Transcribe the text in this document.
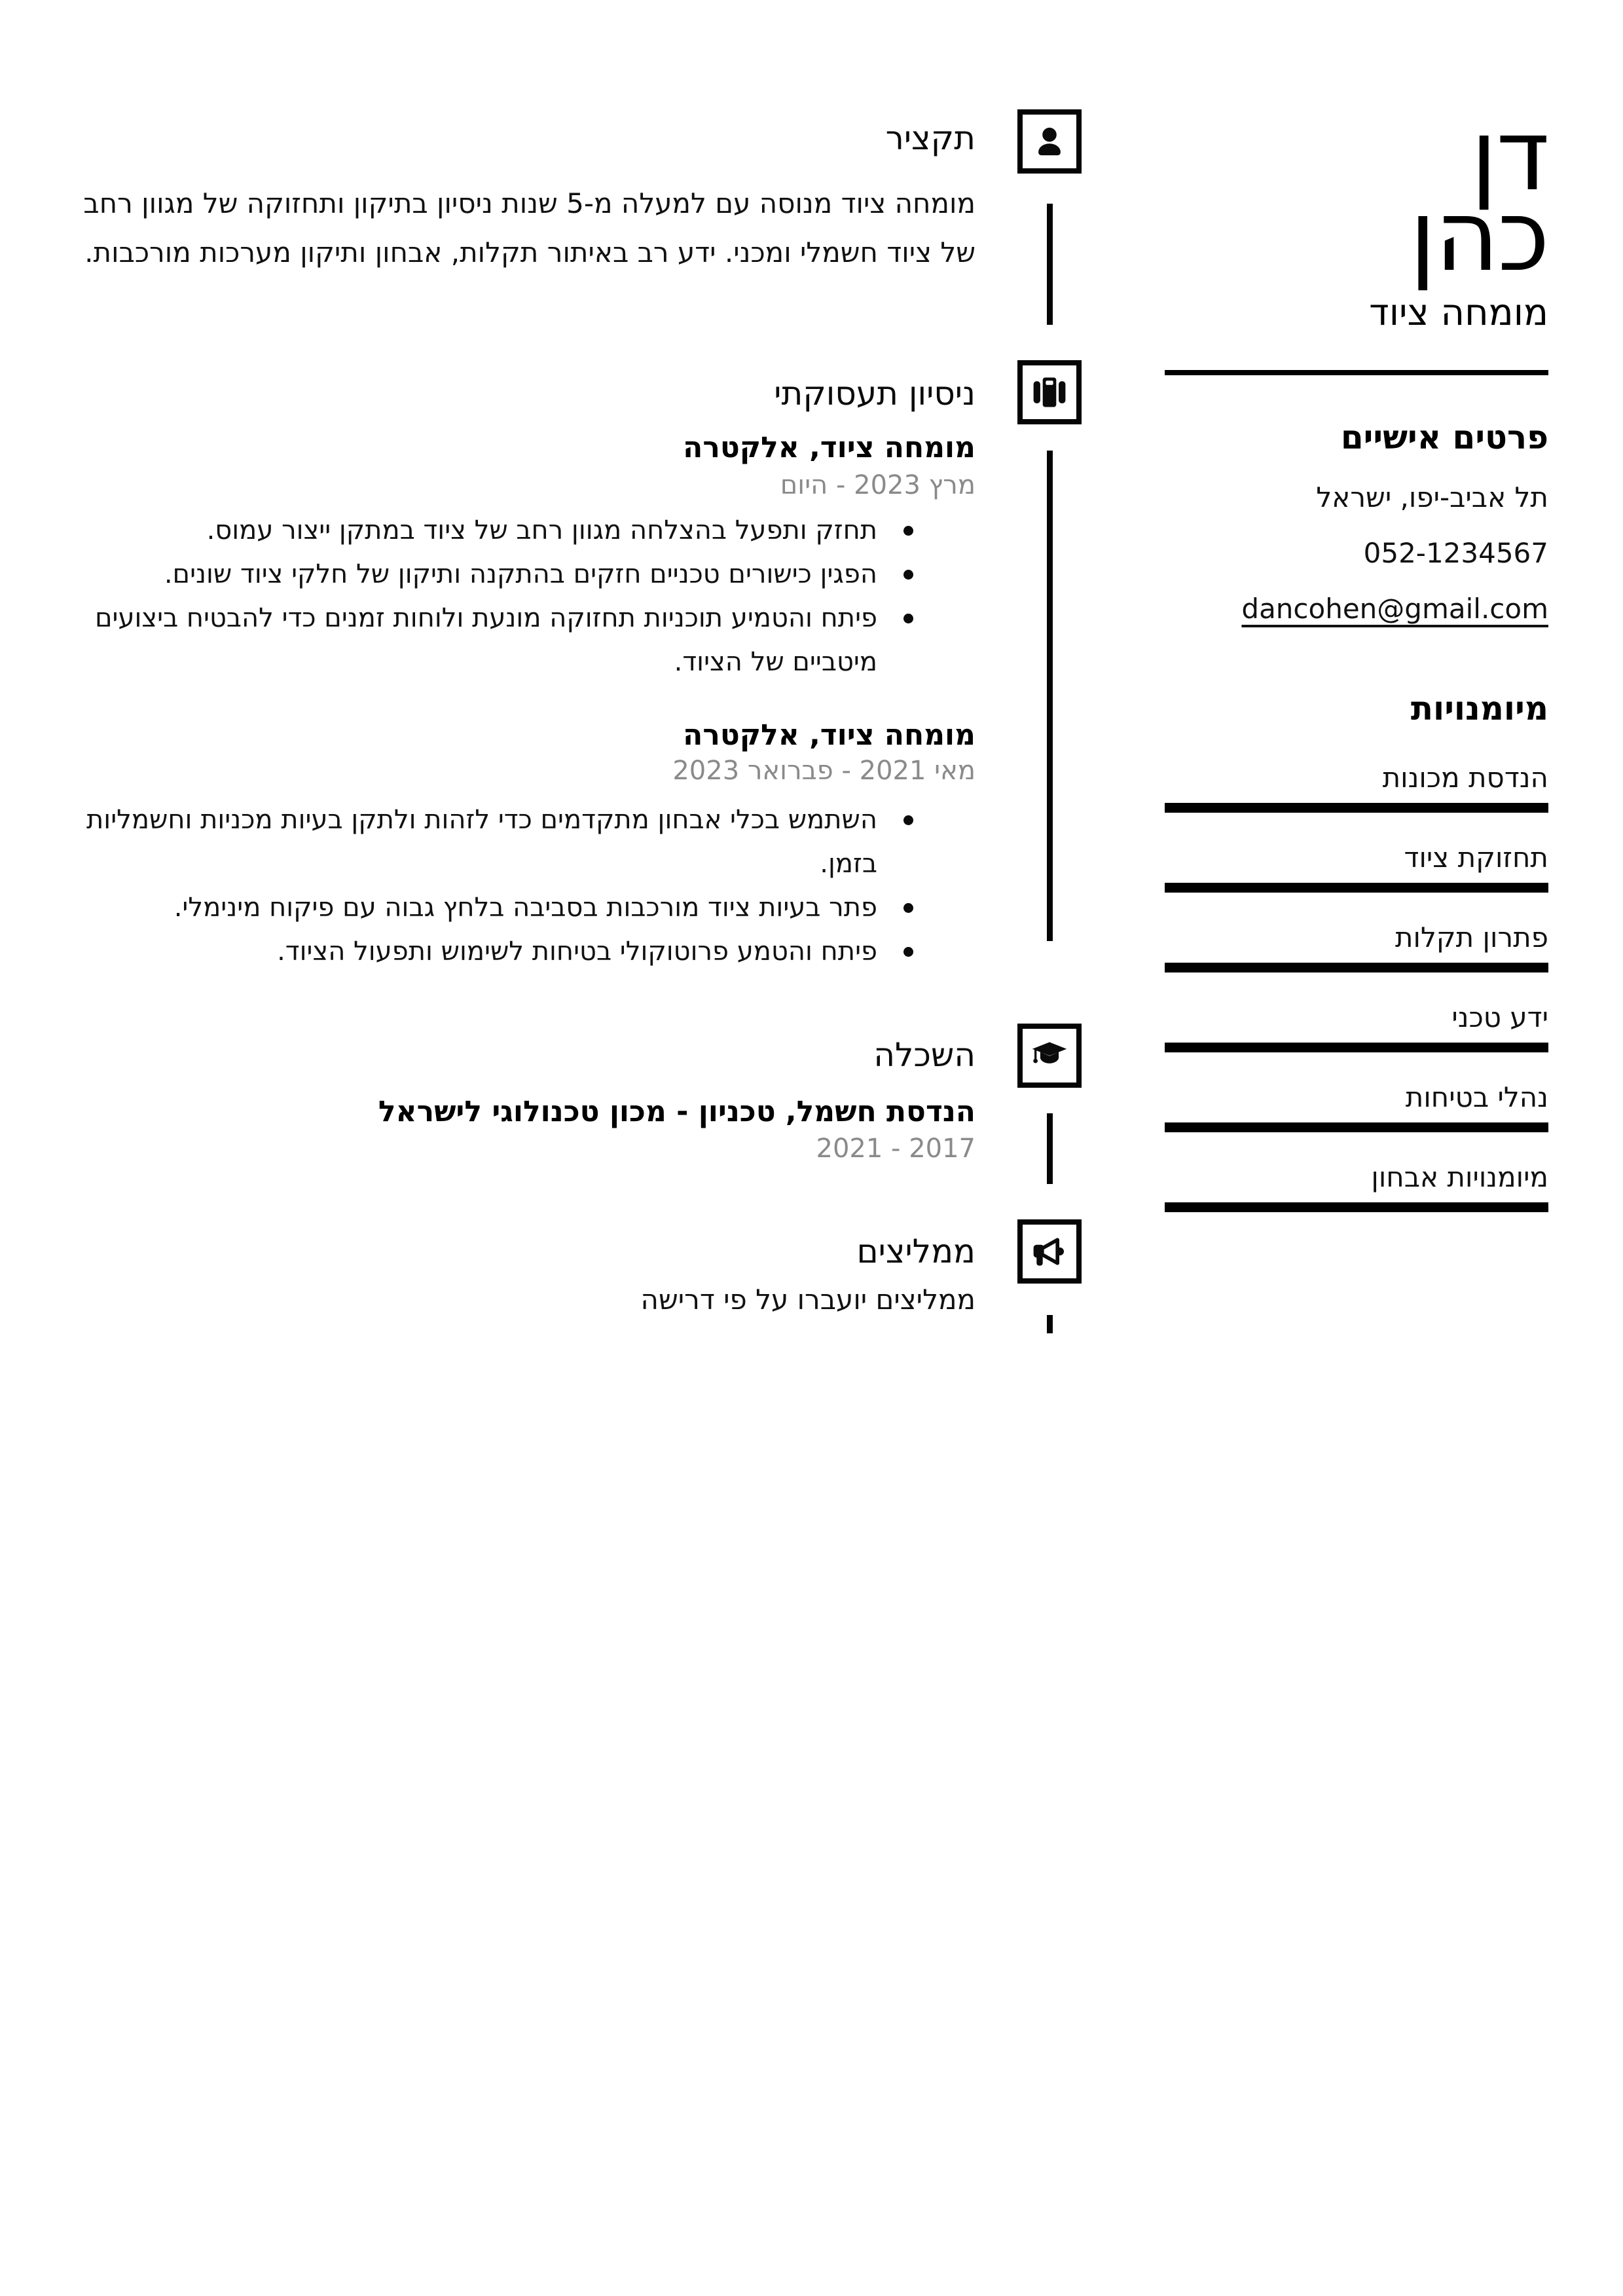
דן
כהן
מומחה ציוד
פרטים אישיים
תל אביב-יפו, ישראל
052-1234567
dancohen@gmail.com
מיומנויות
הנדסת מכונות
תחזוקת ציוד
פתרון תקלות
ידע טכני
נהלי בטיחות
מיומנויות אבחון
תקציר
מומחה ציוד מנוסה עם למעלה מ-5 שנות ניסיון בתיקון ותחזוקה של מגוון רחב של ציוד חשמלי ומכני. ידע רב באיתור תקלות, אבחון ותיקון מערכות מורכבות.
ניסיון תעסוקתי
מומחה ציוד, אלקטרה
מרץ 2023 - היום
תחזק ותפעל בהצלחה מגוון רחב של ציוד במתקן ייצור עמוס.
הפגין כישורים טכניים חזקים בהתקנה ותיקון של חלקי ציוד שונים.
פיתח והטמיע תוכניות תחזוקה מונעת ולוחות זמנים כדי להבטיח ביצועים מיטביים של הציוד.
מומחה ציוד, אלקטרה
מאי 2021 - פברואר 2023
השתמש בכלי אבחון מתקדמים כדי לזהות ולתקן בעיות מכניות וחשמליות בזמן.
פתר בעיות ציוד מורכבות בסביבה בלחץ גבוה עם פיקוח מינימלי.
פיתח והטמע פרוטוקולי בטיחות לשימוש ותפעול הציוד.
השכלה
הנדסת חשמל, טכניון - מכון טכנולוגי לישראל
2017 - 2021
ממליצים
ממליצים יועברו על פי דרישה
